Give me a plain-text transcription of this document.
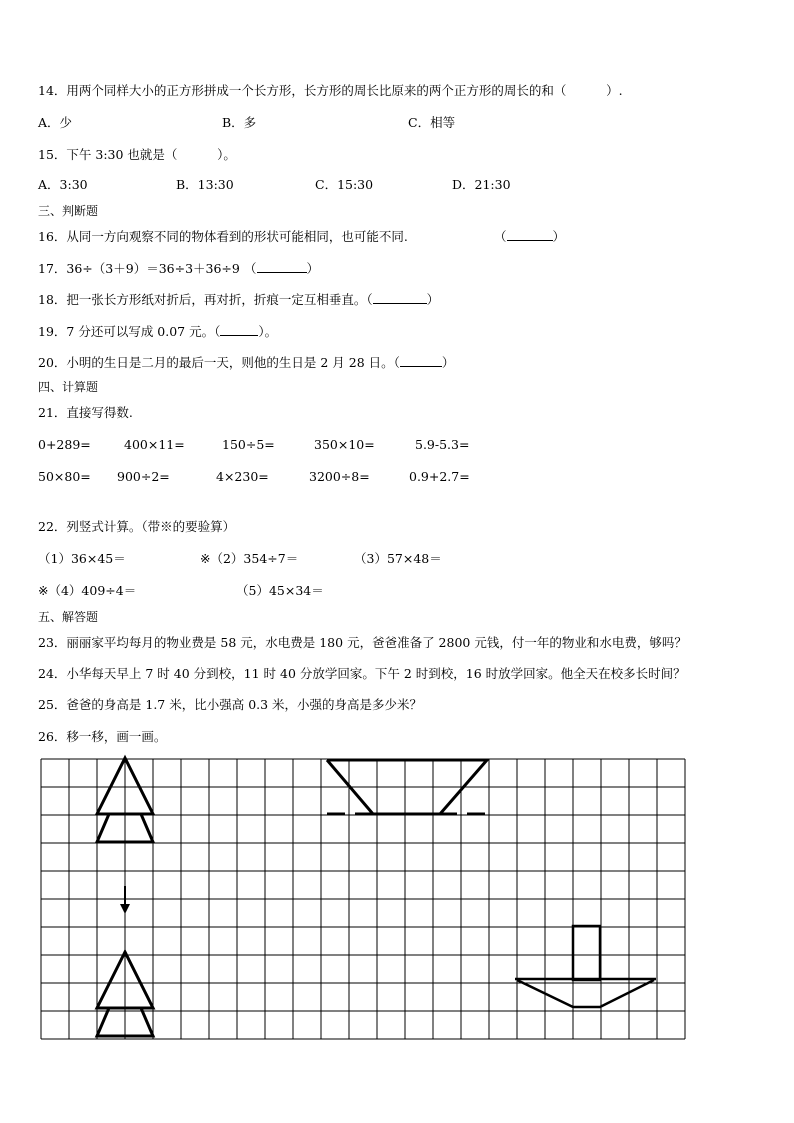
14．用两个同样大小的正方形拼成一个长方形，长方形的周长比原来的两个正方形的周长的和（          ）.
A．少	B．多	C．相等
15．下午 3:30 也就是（          ）。
A．3:30	B．13:30	C．15:30	D．21:30
三、判断题
16．从同一方向观察不同的物体看到的形状可能相同，也可能不同.	（	）
17．36÷（3＋9）＝36÷3＋36÷9 （	）
18．把一张长方形纸对折后，再对折，折痕一定互相垂直。（	）
19．7 分还可以写成 0.07 元。（	）。
20．小明的生日是二月的最后一天，则他的生日是 2 月 28 日。（	）
四、计算题
21．直接写得数.
0+289=	400×11=	150÷5=	350×10=	5.9-5.3=
50×80= 900÷2=	4×230=	3200÷8=	0.9+2.7=
22．列竖式计算。（带※的要验算）
（1）36×45＝	※（2）354÷7＝	（3）57×48＝
※（4）409÷4＝	（5）45×34＝
五、解答题
23．丽丽家平均每月的物业费是 58 元，水电费是 180 元，爸爸准备了 2800 元钱，付一年的物业和水电费，够吗？
24．小华每天早上 7 时 40 分到校，11 时 40 分放学回家。下午 2 时到校，16 时放学回家。他全天在校多长时间？
25．爸爸的身高是 1.7 米，比小强高 0.3 米，小强的身高是多少米？
26．移一移，画一画。
